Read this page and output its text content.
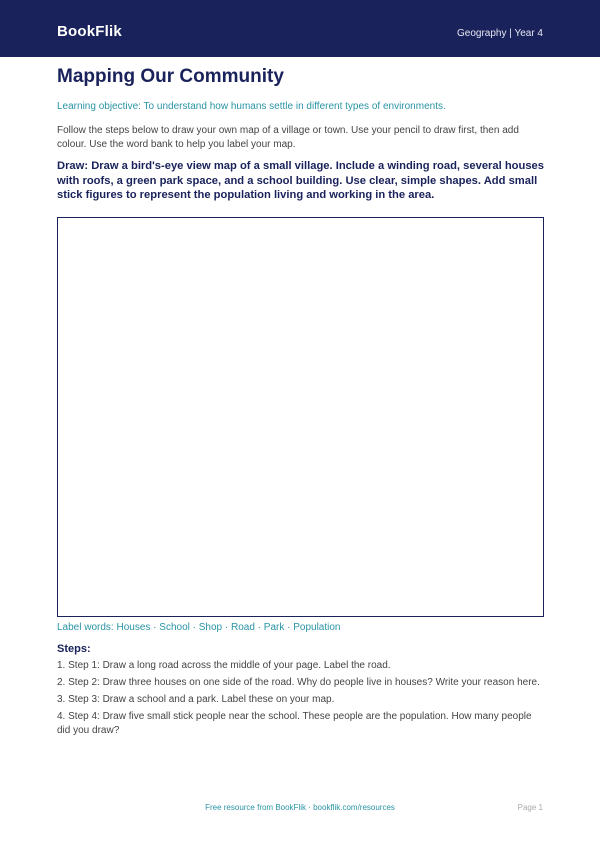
BookFlik	Geography | Year 4
Mapping Our Community

Learning objective: To understand how humans settle in different types of environments.

Follow the steps below to draw your own map of a village or town. Use your pencil to draw first, then add colour. Use the word bank to help you label your map.

Draw: Draw a bird's-eye view map of a small village. Include a winding road, several houses with roofs, a green park space, and a school building. Use clear, simple shapes. Add small stick figures to represent the population living and working in the area.

Label words: Houses · School · Shop · Road · Park · Population

Steps:
1. Step 1: Draw a long road across the middle of your page. Label the road.
2. Step 2: Draw three houses on one side of the road. Why do people live in houses? Write your reason here.
3. Step 3: Draw a school and a park. Label these on your map.
4. Step 4: Draw five small stick people near the school. These people are the population. How many people did you draw?
Free resource from BookFlik · bookflik.com/resources	Page 1
